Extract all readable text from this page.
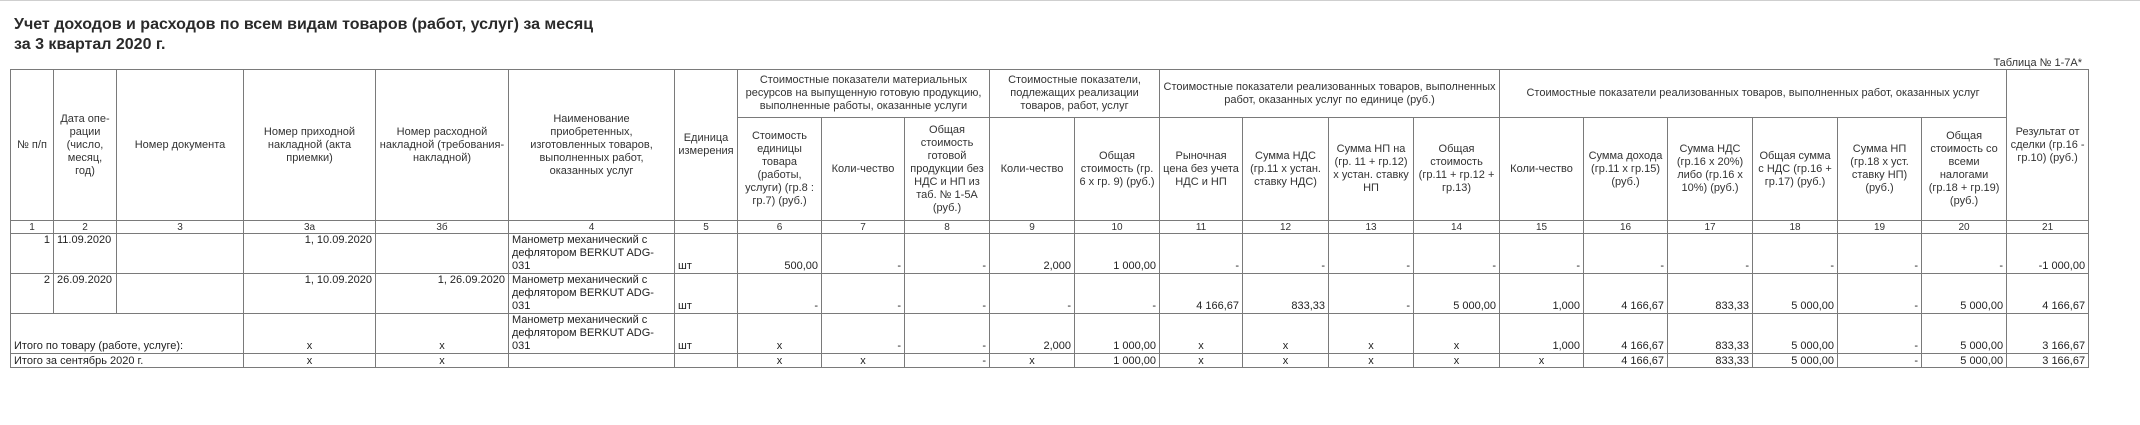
Учет доходов и расходов по всем видам товаров (работ, услуг) за месяц
за 3 квартал 2020 г.
Таблица № 1-7А*
№ п/п	Дата опе-рации (число, месяц, год)	Номер документа	Номер приходной накладной (акта приемки)	Номер расходной накладной (требования-накладной)	Наименование приобретенных, изготовленных товаров, выполненных работ, оказанных услуг	Единица измерения	Стоимостные показатели материальных ресурсов на выпущенную готовую продукцию, выполненные работы, оказанные услуги			Стоимостные показатели, подлежащих реализации товаров, работ, услуг		Стоимостные показатели реализованных товаров, выполненных работ, оказанных услуг по единице (руб.)				Стоимостные показатели реализованных товаров, выполненных работ, оказанных услуг						Результат от сделки (гр.16 - гр.10) (руб.)
							Стоимость единицы товара (работы, услуги) (гр.8 : гр.7) (руб.)	Коли-чество	Общая стоимость готовой продукции без НДС и НП из таб. № 1-5А (руб.)	Коли-чество	Общая стоимость (гр. 6 х гр. 9) (руб.)	Рыночная цена без учета НДС и НП	Сумма НДС (гр.11 х устан. ставку НДС)	Сумма НП на (гр. 11 + гр.12) х устан. ставку НП	Общая стоимость (гр.11 + гр.12 + гр.13)	Коли-чество	Сумма дохода (гр.11 х гр.15) (руб.)	Сумма НДС (гр.16 х 20%) либо (гр.16 х 10%) (руб.)	Общая сумма с НДС (гр.16 + гр.17) (руб.)	Сумма НП (гр.18 х уст. ставку НП) (руб.)	Общая стоимость со всеми налогами (гр.18 + гр.19) (руб.)	
1	2	3	3а	3б	4	5	6	7	8	9	10	11	12	13	14	15	16	17	18	19	20	21
1	11.09.2020		1, 10.09.2020		Манометр механический с дефлятором BERKUT ADG-031	шт	500,00	-	-	2,000	1 000,00	-	-	-	-	-	-	-	-	-	-	-1 000,00
2	26.09.2020		1, 10.09.2020	1, 26.09.2020	Манометр механический с дефлятором BERKUT ADG-031	шт	-	-	-	-	-	4 166,67	833,33	-	5 000,00	1,000	4 166,67	833,33	5 000,00	-	5 000,00	4 166,67
Итого по товару (работе, услуге):			x	x	Манометр механический с дефлятором BERKUT ADG-031	шт	x	-	-	2,000	1 000,00	x	x	x	x	1,000	4 166,67	833,33	5 000,00	-	5 000,00	3 166,67
Итого за сентябрь 2020 г.			x	x			x	x	-	x	1 000,00	x	x	x	x	x	4 166,67	833,33	5 000,00	-	5 000,00	3 166,67
